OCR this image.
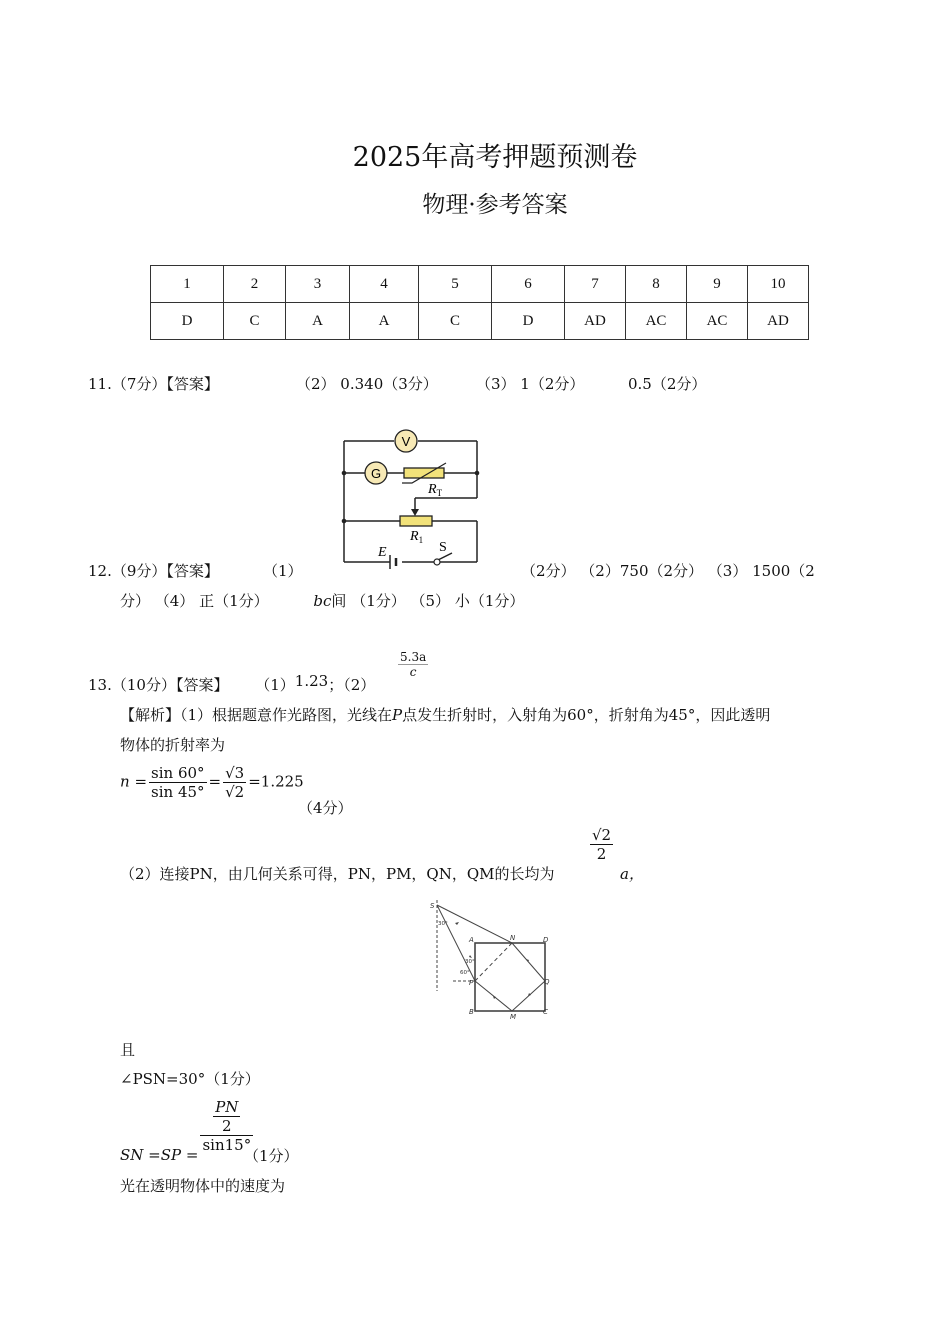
2025年高考押题预测卷
物理·参考答案
1	2	3	4	5	6	7	8	9	10
D	C	A	A	C	D	AD	AC	AC	AD
11.（7分）【答案】	（2） 0.340（3分）	（3） 1（2分）	0.5（2分）
V
G
$R_T$
$R_1$
E	S
12.（9分）【答案】	（1）	（2分） （2）750（2分） （3） 1500（2
分） （4） 正（1分）	bc间 （1分） （5） 小（1分）
13.（10分）【答案】 （1）1.23；（2）
$\frac{5.3a}{c}$
【解析】（1）根据题意作光路图，光线在P点发生折射时，入射角为60°，折射角为45°，因此透明
物体的折射率为
$n = \frac{\sin 60^\circ}{\sin 45^\circ} = \frac{√3}{√2} =1.225$
（4分）
（2）连接PN，由几何关系可得，PN，PM，QN，QM的长均为
$\frac{√2}{2}$
a，
S
A	N	D
P	Q
B
M
C
30°
30°
60°
且
∠PSN=30°（1分）
SN =SP =
$\frac{\frac{PN}{2}}{\sin 15^\circ}$
（1分）
光在透明物体中的速度为
